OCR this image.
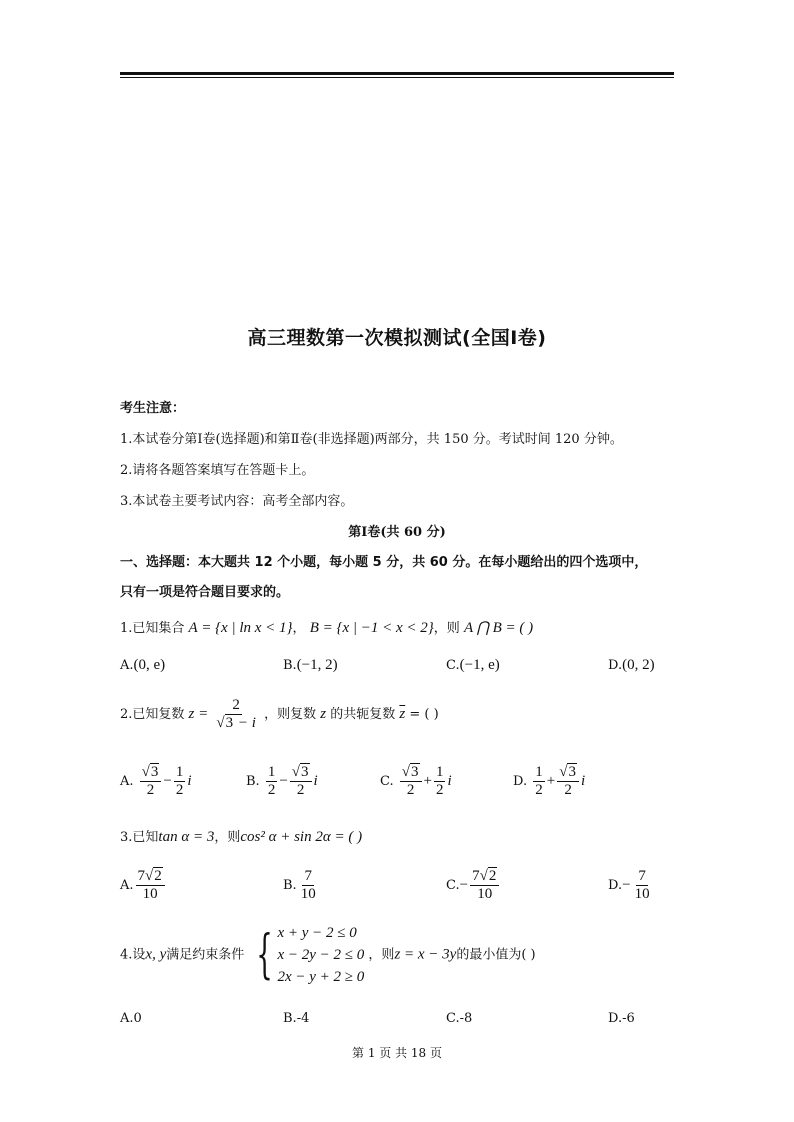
高三理数第一次模拟测试(全国Ⅰ卷)
考生注意：
1.本试卷分第Ⅰ卷(选择题)和第Ⅱ卷(非选择题)两部分，共 150 分。考试时间 120 分钟。
2.请将各题答案填写在答题卡上。
3.本试卷主要考试内容：高考全部内容。
第Ⅰ卷(共 60 分)
一、选择题：本大题共 12 个小题，每小题 5 分，共 60 分。在每小题给出的四个选项中，
只有一项是符合题目要求的。
1.已知集合 A = {x | ln x < 1}， B = {x | −1 < x < 2}，则 A ⋂ B = ( )
A.(0, e)	B.(−1, 2)	C.(−1, e)	D.(0, 2)
2.已知复数 $z = \frac{2}{√3 - i}$ ，则复数 z 的共轭复数 $\overline{z}$ = ( )
A. $\frac{√3}{2} - \frac{1}{2}$ i	B. $\frac{1}{2} - \frac{√3}{2}$ i	C. $\frac{√3}{2} + \frac{1}{2}$ i	D. $\frac{1}{2} + \frac{√3}{2}$ i
3.已知tan α = 3，则cos² α + sin 2α = ( )
A. $\frac{7√2}{10}$	B. $\frac{7}{10}$	$C.- \frac{7√2}{10}$	$D.- \frac{7}{10}$
4.设x, y满足约束条件 { x + y − 2 ≤ 0
x − 2y − 2 ≤ 0
2x − y + 2 ≥ 0
，则z = x − 3y的最小值为( )
A.0	B.-4	C.-8	D.-6
第 1 页 共 18 页
